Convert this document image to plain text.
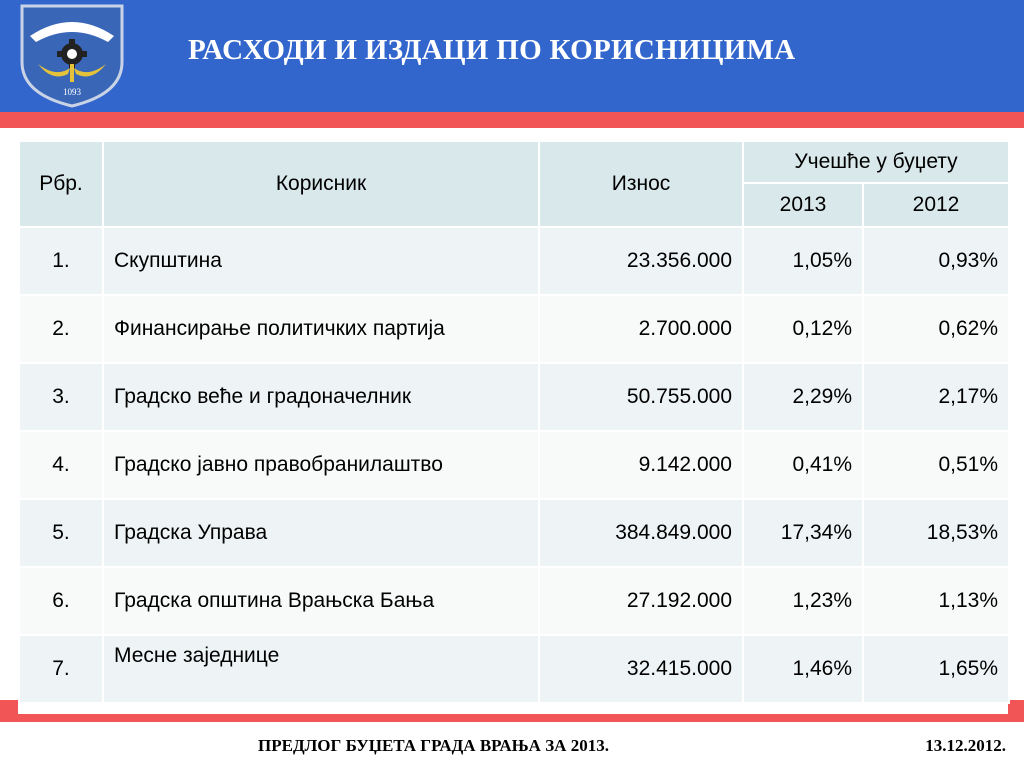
1093
РАСХОДИ И ИЗДАЦИ ПО КОРИСНИЦИМА
Рбр.	Корисник	Износ	Учешће у буџету	
			2013	2012
1.	Скупштина	23.356.000	1,05%	0,93%
2.	Финансирање политичких партија	2.700.000	0,12%	0,62%
3.	Градско веће и градоначелник	50.755.000	2,29%	2,17%
4.	Градско јавно правобранилаштво	9.142.000	0,41%	0,51%
5.	Градска Управа	384.849.000	17,34%	18,53%
6.	Градска општина Врањска Бања	27.192.000	1,23%	1,13%
7.	Месне заједнице	32.415.000	1,46%	1,65%
ПРЕДЛОГ БУЏЕТА ГРАДА ВРАЊА ЗА 2013.	13.12.2012.
